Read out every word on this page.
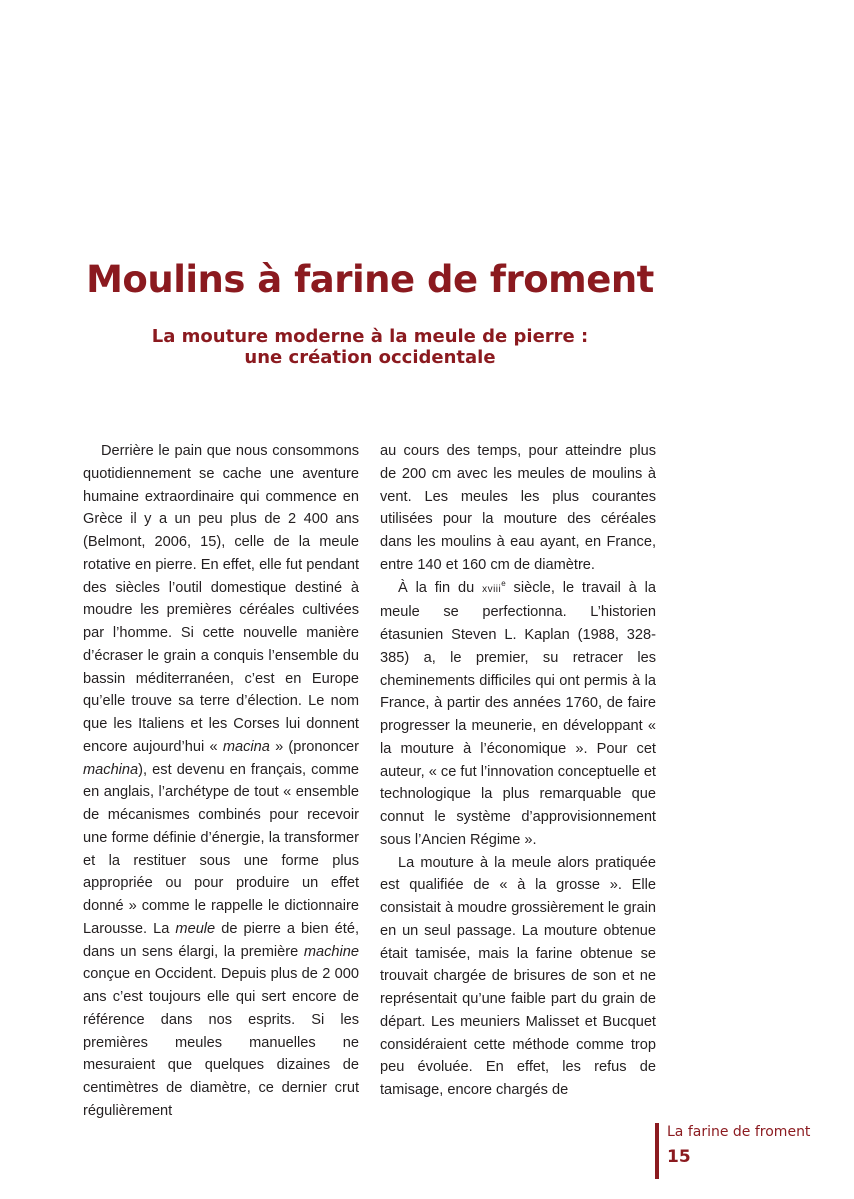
Moulins à farine de froment
La mouture moderne à la meule de pierre :
une création occidentale

Derrière le pain que nous consommons quotidiennement se cache une aventure humaine extraordinaire qui commence en Grèce il y a un peu plus de 2 400 ans (Belmont, 2006, 15), celle de la meule rotative en pierre. En effet, elle fut pendant des siècles l’outil domestique destiné à moudre les premières céréales cultivées par l’homme. Si cette nouvelle manière d’écraser le grain a conquis l’ensemble du bassin méditerranéen, c’est en Europe qu’elle trouve sa terre d’élection. Le nom que les Italiens et les Corses lui donnent encore aujourd’hui « macina » (prononcer machina), est devenu en français, comme en anglais, l’archétype de tout « ensemble de mécanismes combinés pour recevoir une forme définie d’énergie, la transformer et la restituer sous une forme plus appropriée ou pour produire un effet donné » comme le rappelle le dictionnaire Larousse. La meule de pierre a bien été, dans un sens élargi, la première machine conçue en Occident. Depuis plus de 2 000 ans c’est toujours elle qui sert encore de référence dans nos esprits. Si les premières meules manuelles ne mesuraient que quelques dizaines de centimètres de diamètre, ce dernier crut régulièrement

au cours des temps, pour atteindre plus de 200 cm avec les meules de moulins à vent. Les meules les plus courantes utilisées pour la mouture des céréales dans les moulins à eau ayant, en France, entre 140 et 160 cm de diamètre.

À la fin du xviii$^e$ siècle, le travail à la meule se perfectionna. L’historien étasunien Steven L. Kaplan (1988, 328-385) a, le premier, su retracer les cheminements difficiles qui ont permis à la France, à partir des années 1760, de faire progresser la meunerie, en développant « la mouture à l’économique ». Pour cet auteur, « ce fut l’innovation conceptuelle et technologique la plus remarquable que connut le système d’approvisionnement sous l’Ancien Régime ».

La mouture à la meule alors pratiquée est qualifiée de « à la grosse ». Elle consistait à moudre grossièrement le grain en un seul passage. La mouture obtenue était tamisée, mais la farine obtenue se trouvait chargée de brisures de son et ne représentait qu’une faible part du grain de départ. Les meuniers Malisset et Bucquet considéraient cette méthode comme trop peu évoluée. En effet, les refus de tamisage, encore chargés de

La farine de froment
15
